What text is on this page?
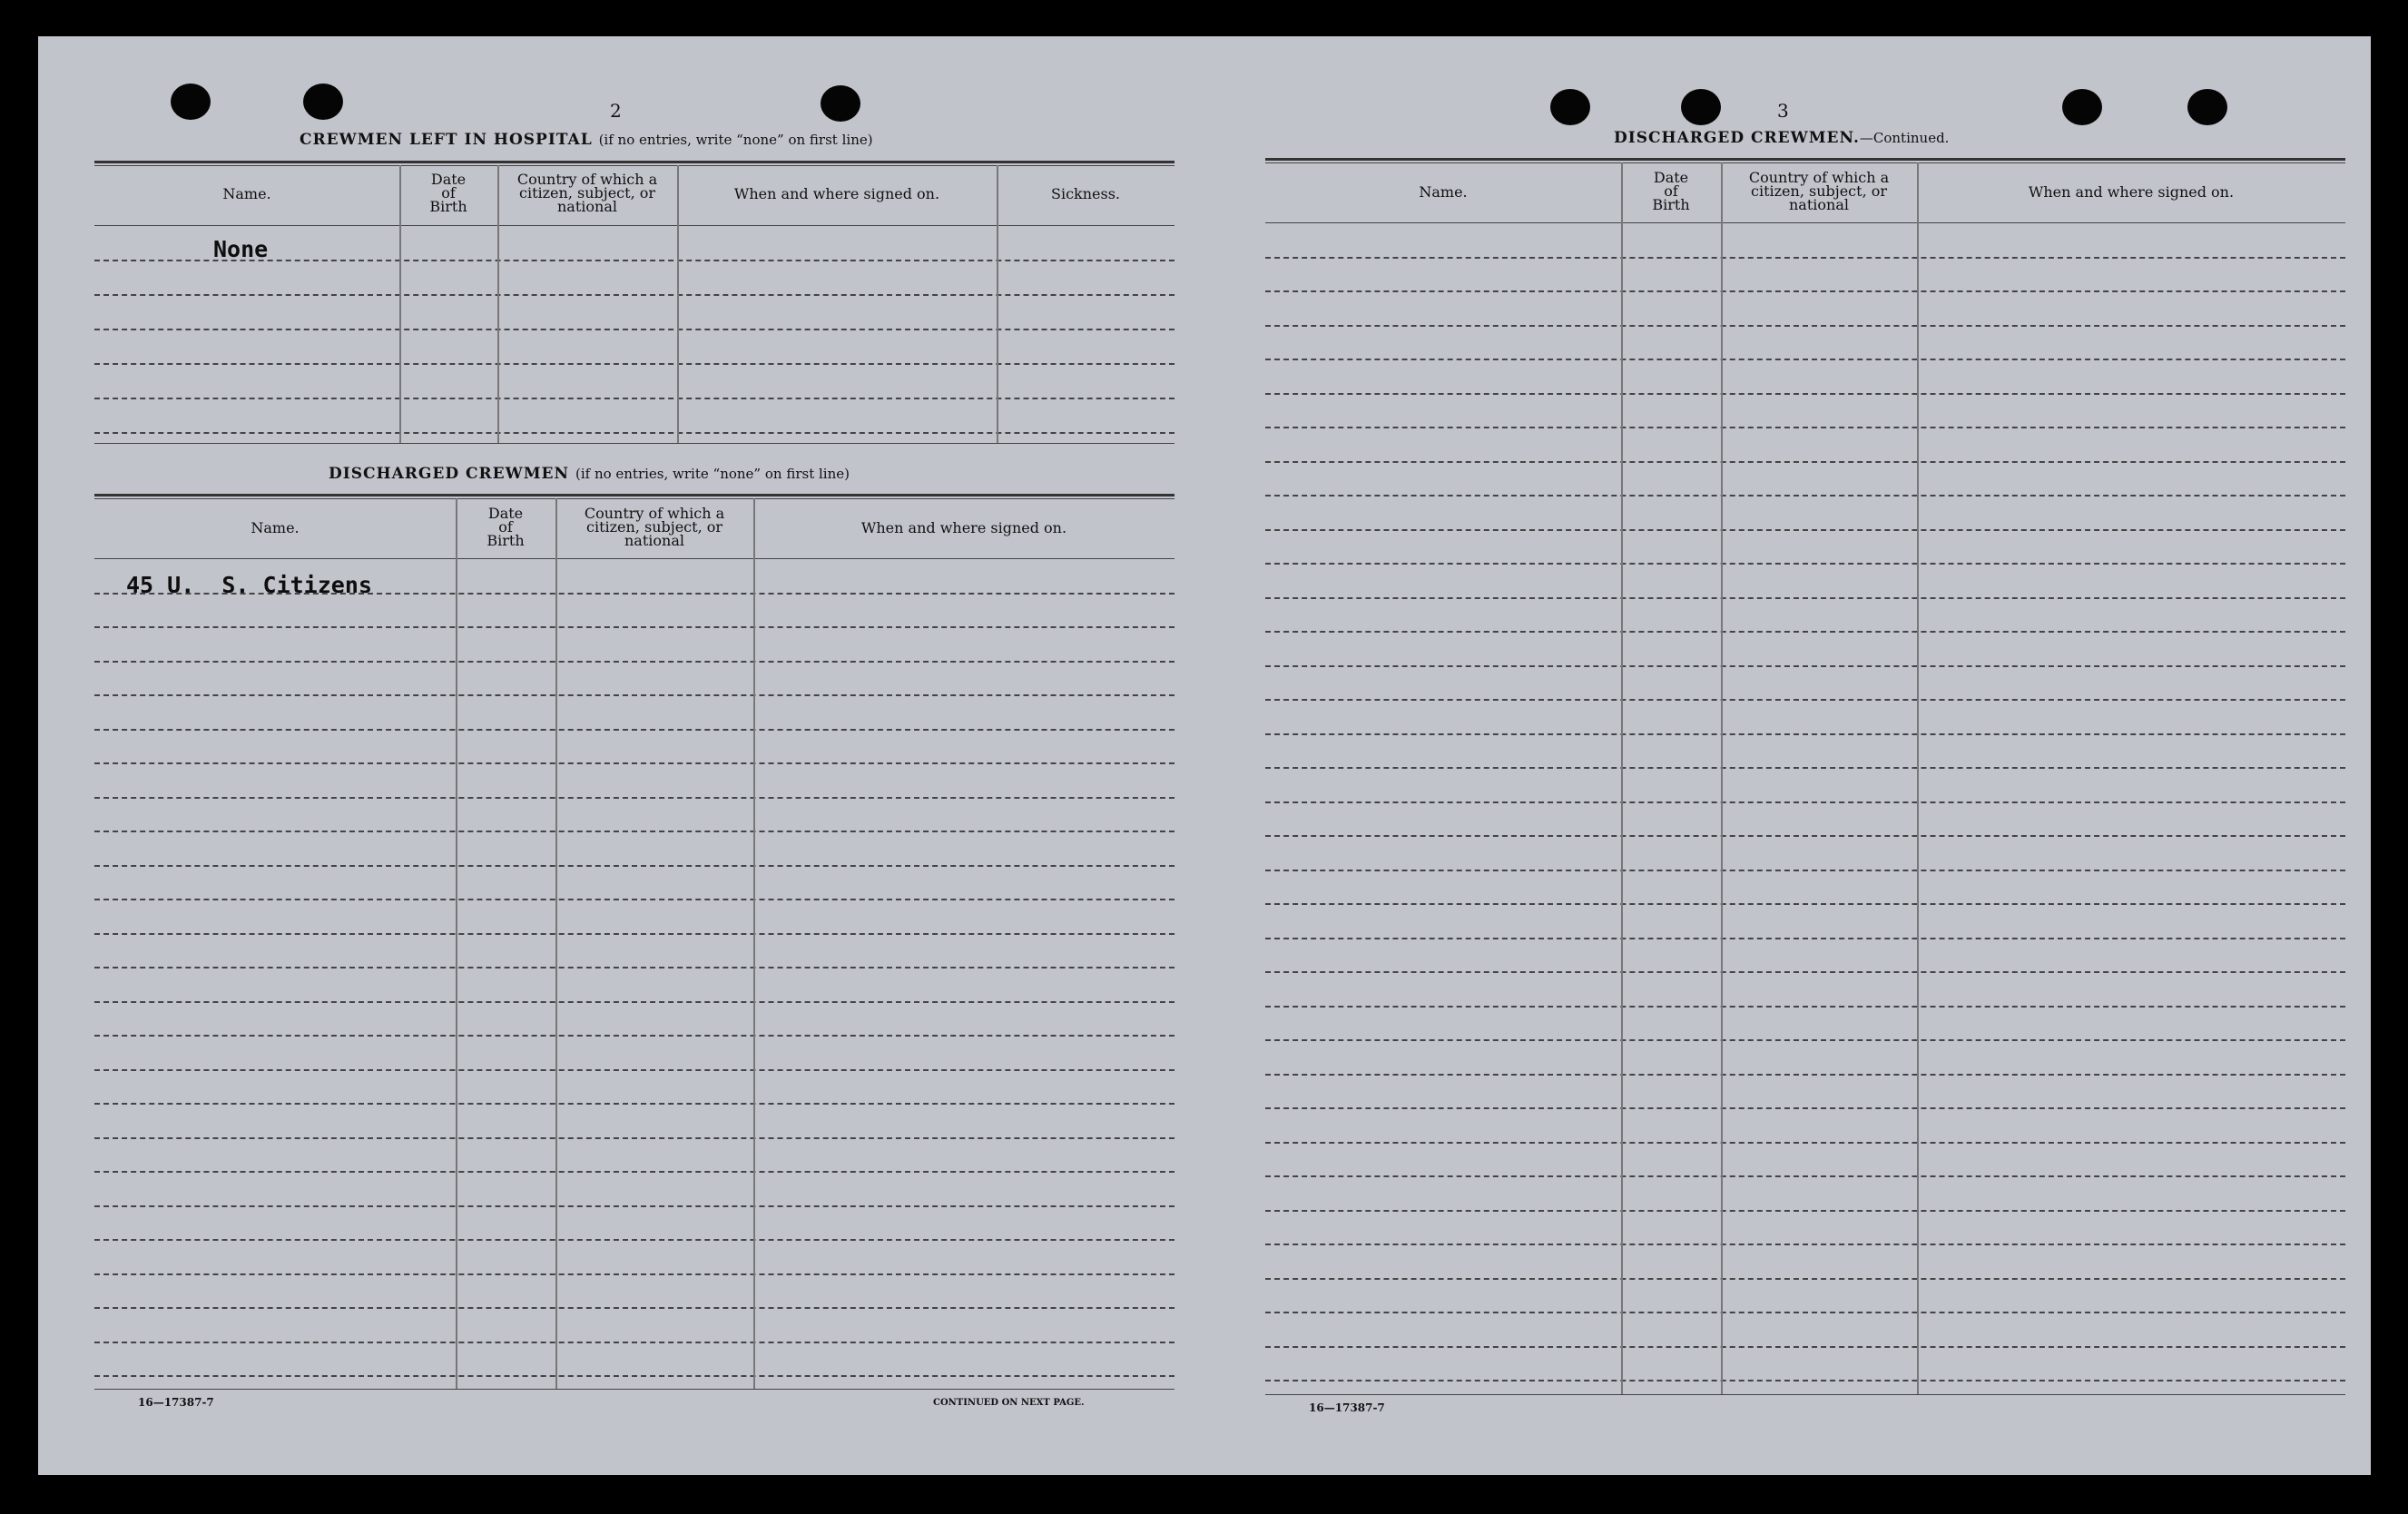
2
CREWMEN LEFT IN HOSPITAL (if no entries, write “none” on first line)
Name.
Date
of
Birth
Country of which a
citizen, subject, or
national
When and where signed on.	Sickness.
None
DISCHARGED CREWMEN (if no entries, write “none” on first line)
Name.
Date
of
Birth
Country of which a
citizen, subject, or
national
When and where signed on.
45 U.  S. Citizens
16—17387-7	CONTINUED ON NEXT PAGE.
3
DISCHARGED CREWMEN.—Continued.
Name.
Date
of
Birth
Country of which a
citizen, subject, or
national
When and where signed on.
16—17387-7
